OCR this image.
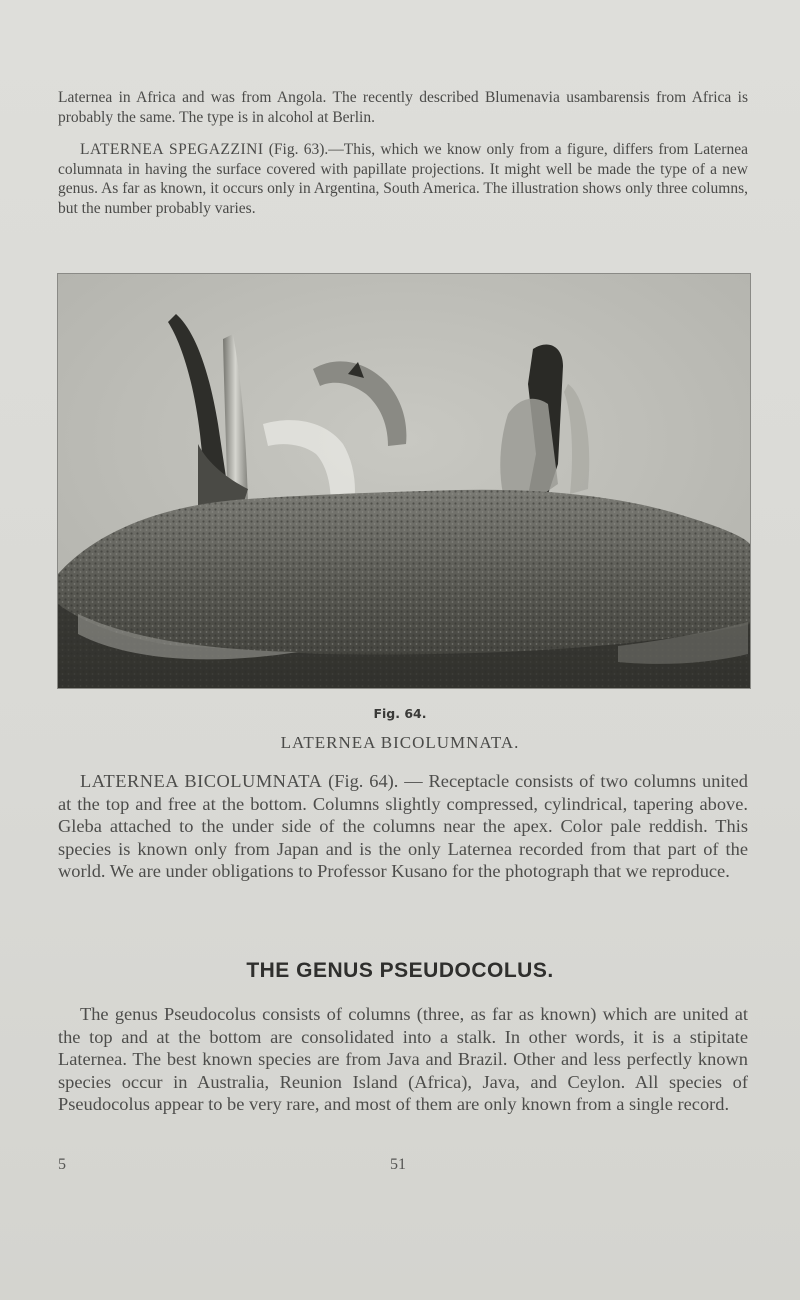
Laternea in Africa and was from Angola. The recently described Blumenavia usambarensis from Africa is probably the same. The type is in alcohol at Berlin.

LATERNEA SPEGAZZINI (Fig. 63).—This, which we know only from a figure, differs from Laternea columnata in having the surface covered with papillate projections. It might well be made the type of a new genus. As far as known, it occurs only in Argentina, South America. The illustration shows only three columns, but the number probably varies.

Fig. 64.

LATERNEA BICOLUMNATA.

LATERNEA BICOLUMNATA (Fig. 64). — Receptacle consists of two columns united at the top and free at the bottom. Columns slightly compressed, cylindrical, tapering above. Gleba attached to the under side of the columns near the apex. Color pale reddish. This species is known only from Japan and is the only Laternea recorded from that part of the world. We are under obligations to Professor Kusano for the photograph that we reproduce.

THE GENUS PSEUDOCOLUS.

The genus Pseudocolus consists of columns (three, as far as known) which are united at the top and at the bottom are consolidated into a stalk. In other words, it is a stipitate Laternea. The best known species are from Java and Brazil. Other and less perfectly known species occur in Australia, Reunion Island (Africa), Java, and Ceylon. All species of Pseudocolus appear to be very rare, and most of them are only known from a single record.

5	51
